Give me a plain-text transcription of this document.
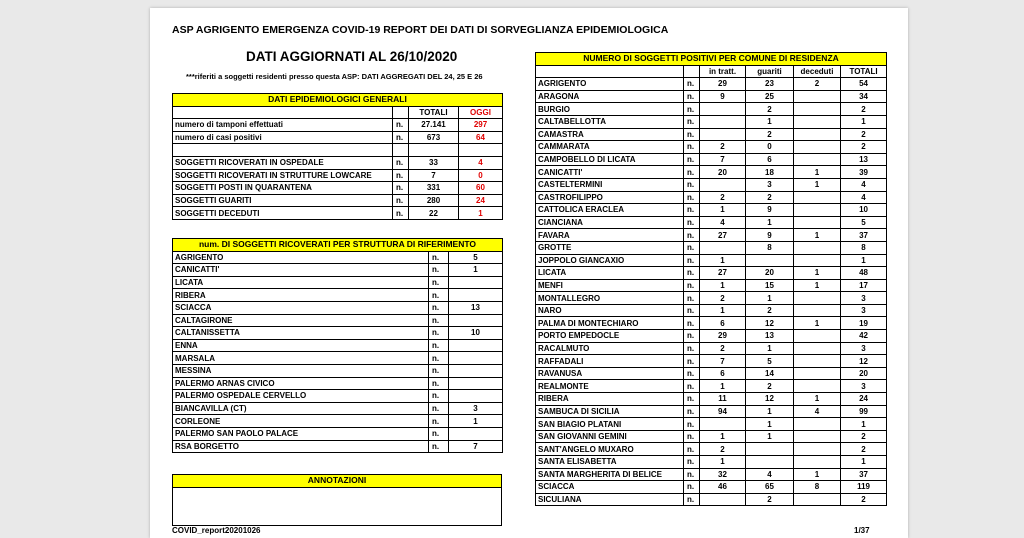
ASP AGRIGENTO EMERGENZA COVID-19 REPORT DEI DATI DI SORVEGLIANZA EPIDEMIOLOGICA
DATI AGGIORNATI AL 26/10/2020
***riferiti a soggetti residenti presso questa ASP: DATI AGGREGATI DEL 24, 25 E 26
DATI EPIDEMIOLOGICI GENERALI			
		TOTALI	OGGI
numero di tamponi effettuati	n.	27.141	297
numero di casi positivi	n.	673	64

SOGGETTI RICOVERATI IN OSPEDALE	n.	33	4
SOGGETTI RICOVERATI IN STRUTTURE LOWCARE	n.	7	0
SOGGETTI POSTI IN QUARANTENA	n.	331	60
SOGGETTI GUARITI	n.	280	24
SOGGETTI DECEDUTI	n.	22	1
num. DI SOGGETTI RICOVERATI PER STRUTTURA DI RIFERIMENTO		
AGRIGENTO	n.	5
CANICATTI'	n.	1
LICATA	n.	
RIBERA	n.	
SCIACCA	n.	13
CALTAGIRONE	n.	
CALTANISSETTA	n.	10
ENNA	n.	
MARSALA	n.	
MESSINA	n.	
PALERMO ARNAS CIVICO	n.	
PALERMO OSPEDALE CERVELLO	n.	
BIANCAVILLA (CT)	n.	3
CORLEONE	n.	1
PALERMO SAN PAOLO PALACE	n.	
RSA BORGETTO	n.	7
ANNOTAZIONI

NUMERO DI SOGGETTI POSITIVI PER COMUNE DI RESIDENZA					
		in tratt.	guariti	deceduti	TOTALI
AGRIGENTO	n.	29	23	2	54
ARAGONA	n.	9	25		34
BURGIO	n.		2		2
CALTABELLOTTA	n.		1		1
CAMASTRA	n.		2		2
CAMMARATA	n.	2	0		2
CAMPOBELLO DI LICATA	n.	7	6		13
CANICATTI'	n.	20	18	1	39
CASTELTERMINI	n.		3	1	4
CASTROFILIPPO	n.	2	2		4
CATTOLICA ERACLEA	n.	1	9		10
CIANCIANA	n.	4	1		5
FAVARA	n.	27	9	1	37
GROTTE	n.		8		8
JOPPOLO GIANCAXIO	n.	1			1
LICATA	n.	27	20	1	48
MENFI	n.	1	15	1	17
MONTALLEGRO	n.	2	1		3
NARO	n.	1	2		3
PALMA DI MONTECHIARO	n.	6	12	1	19
PORTO EMPEDOCLE	n.	29	13		42
RACALMUTO	n.	2	1		3
RAFFADALI	n.	7	5		12
RAVANUSA	n.	6	14		20
REALMONTE	n.	1	2		3
RIBERA	n.	11	12	1	24
SAMBUCA DI SICILIA	n.	94	1	4	99
SAN BIAGIO PLATANI	n.		1		1
SAN GIOVANNI GEMINI	n.	1	1		2
SANT'ANGELO MUXARO	n.	2			2
SANTA ELISABETTA	n.	1			1
SANTA MARGHERITA DI BELICE	n.	32	4	1	37
SCIACCA	n.	46	65	8	119
SICULIANA	n.		2		2
COVID_report20201026	1/37
